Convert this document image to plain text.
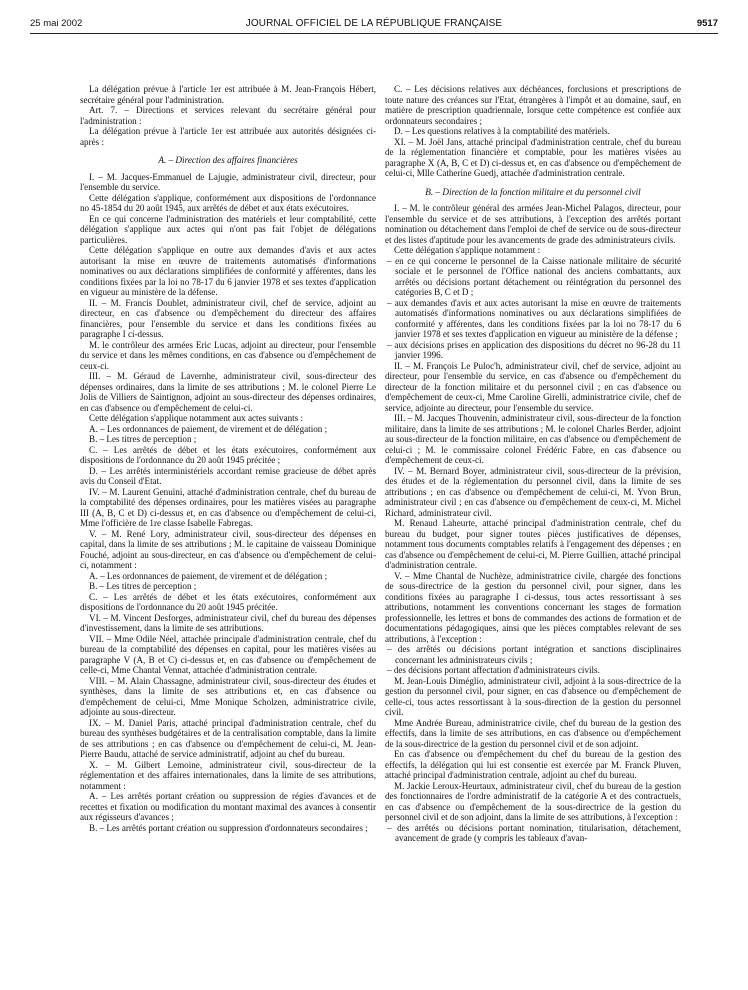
25 mai 2002	JOURNAL OFFICIEL DE LA RÉPUBLIQUE FRANÇAISE	9517

La délégation prévue à l'article 1er est attribuée à M. Jean-François Hébert, secrétaire général pour l'administration.

Art. 7. – Directions et services relevant du secrétaire général pour l'administration :

La délégation prévue à l'article 1er est attribuée aux autorités désignées ci-après :

A. – Direction des affaires financières

I. – M. Jacques-Emmanuel de Lajugie, administrateur civil, directeur, pour l'ensemble du service.

Cette délégation s'applique, conformément aux dispositions de l'ordonnance no 45-1854 du 20 août 1945, aux arrêtés de débet et aux états exécutoires.

En ce qui concerne l'administration des matériels et leur comptabilité, cette délégation s'applique aux actes qui n'ont pas fait l'objet de délégations particulières.

Cette délégation s'applique en outre aux demandes d'avis et aux actes autorisant la mise en œuvre de traitements automatisés d'informations nominatives ou aux déclarations simplifiées de conformité y afférentes, dans les conditions fixées par la loi no 78-17 du 6 janvier 1978 et ses textes d'application en vigueur au ministère de la défense.

II. – M. Francis Doublet, administrateur civil, chef de service, adjoint au directeur, en cas d'absence ou d'empêchement du directeur des affaires financières, pour l'ensemble du service et dans les conditions fixées au paragraphe I ci-dessus.

M. le contrôleur des armées Eric Lucas, adjoint au directeur, pour l'ensemble du service et dans les mêmes conditions, en cas d'absence ou d'empêchement de ceux-ci.

III. – M. Géraud de Lavernhe, administrateur civil, sous-directeur des dépenses ordinaires, dans la limite de ses attributions ; M. le colonel Pierre Le Jolis de Villiers de Saintignon, adjoint au sous-directeur des dépenses ordinaires, en cas d'absence ou d'empêchement de celui-ci.

Cette délégation s'applique notamment aux actes suivants :

A. – Les ordonnances de paiement, de virement et de délégation ;

B. – Les titres de perception ;

C. – Les arrêtés de débet et les états exécutoires, conformément aux dispositions de l'ordonnance du 20 août 1945 précitée ;

D. – Les arrêtés interministériels accordant remise gracieuse de débet après avis du Conseil d'Etat.

IV. – M. Laurent Genuini, attaché d'administration centrale, chef du bureau de la comptabilité des dépenses ordinaires, pour les matières visées au paragraphe III (A, B, C et D) ci-dessus et, en cas d'absence ou d'empêchement de celui-ci, Mme l'officière de 1re classe Isabelle Fabregas.

V. – M. René Lory, administrateur civil, sous-directeur des dépenses en capital, dans la limite de ses attributions ; M. le capitaine de vaisseau Dominique Fouché, adjoint au sous-directeur, en cas d'absence ou d'empêchement de celui-ci, notamment :

A. – Les ordonnances de paiement, de virement et de délégation ;

B. – Les titres de perception ;

C. – Les arrêtés de débet et les états exécutoires, conformément aux dispositions de l'ordonnance du 20 août 1945 précitée.

VI. – M. Vincent Desforges, administrateur civil, chef du bureau des dépenses d'investissement, dans la limite de ses attributions.

VII. – Mme Odile Néel, attachée principale d'administration centrale, chef du bureau de la comptabilité des dépenses en capital, pour les matières visées au paragraphe V (A, B et C) ci-dessus et, en cas d'absence ou d'empêchement de celle-ci, Mme Chantal Vennat, attachée d'administration centrale.

VIII. – M. Alain Chassagne, administrateur civil, sous-directeur des études et synthèses, dans la limite de ses attributions et, en cas d'absence ou d'empêchement de celui-ci, Mme Monique Scholzen, administratrice civile, adjointe au sous-directeur.

IX. – M. Daniel Paris, attaché principal d'administration centrale, chef du bureau des synthèses budgétaires et de la centralisation comptable, dans la limite de ses attributions ; en cas d'absence ou d'empêchement de celui-ci, M. Jean-Pierre Baudu, attaché de service administratif, adjoint au chef du bureau.

X. – M. Gilbert Lemoine, administrateur civil, sous-directeur de la réglementation et des affaires internationales, dans la limite de ses attributions, notamment :

A. – Les arrêtés portant création ou suppression de régies d'avances et de recettes et fixation ou modification du montant maximal des avances à consentir aux régisseurs d'avances ;

B. – Les arrêtés portant création ou suppression d'ordonnateurs secondaires ;

C. – Les décisions relatives aux déchéances, forclusions et prescriptions de toute nature des créances sur l'Etat, étrangères à l'impôt et au domaine, sauf, en matière de prescription quadriennale, lorsque cette compétence est confiée aux ordonnateurs secondaires ;

D. – Les questions relatives à la comptabilité des matériels.

XI. – M. Joël Jans, attaché principal d'administration centrale, chef du bureau de la réglementation financière et comptable, pour les matières visées au paragraphe X (A, B, C et D) ci-dessus et, en cas d'absence ou d'empêchement de celui-ci, Mlle Catherine Guedj, attachée d'administration centrale.

B. – Direction de la fonction militaire et du personnel civil

I. – M. le contrôleur général des armées Jean-Michel Palagos, directeur, pour l'ensemble du service et de ses attributions, à l'exception des arrêtés portant nomination ou détachement dans l'emploi de chef de service ou de sous-directeur et des listes d'aptitude pour les avancements de grade des administrateurs civils.

Cette délégation s'applique notamment :

– en ce qui concerne le personnel de la Caisse nationale militaire de sécurité sociale et le personnel de l'Office national des anciens combattants, aux arrêtés ou décisions portant détachement ou réintégration du personnel des catégories B, C et D ;
– aux demandes d'avis et aux actes autorisant la mise en œuvre de traitements automatisés d'informations nominatives ou aux déclarations simplifiées de conformité y afférentes, dans les conditions fixées par la loi no 78-17 du 6 janvier 1978 et ses textes d'application en vigueur au ministère de la défense ;
– aux décisions prises en application des dispositions du décret no 96-28 du 11 janvier 1996.

II. – M. François Le Puloc'h, administrateur civil, chef de service, adjoint au directeur, pour l'ensemble du service, en cas d'absence ou d'empêchement du directeur de la fonction militaire et du personnel civil ; en cas d'absence ou d'empêchement de ceux-ci, Mme Caroline Girelli, administratrice civile, chef de service, adjointe au directeur, pour l'ensemble du service.

III. – M. Jacques Thouvenin, administrateur civil, sous-directeur de la fonction militaire, dans la limite de ses attributions ; M. le colonel Charles Berder, adjoint au sous-directeur de la fonction militaire, en cas d'absence ou d'empêchement de celui-ci ; M. le commissaire colonel Frédéric Fabre, en cas d'absence ou d'empêchement de ceux-ci.

IV. – M. Bernard Boyer, administrateur civil, sous-directeur de la prévision, des études et de la réglementation du personnel civil, dans la limite de ses attributions ; en cas d'absence ou d'empêchement de celui-ci, M. Yvon Brun, administrateur civil ; en cas d'absence ou d'empêchement de ceux-ci, M. Michel Richard, administrateur civil.

M. Renaud Laheurte, attaché principal d'administration centrale, chef du bureau du budget, pour signer toutes pièces justificatives de dépenses, notamment tous documents comptables relatifs à l'engagement des dépenses ; en cas d'absence ou d'empêchement de celui-ci, M. Pierre Guillien, attaché principal d'administration centrale.

V. – Mme Chantal de Nuchèze, administratrice civile, chargée des fonctions de sous-directrice de la gestion du personnel civil, pour signer, dans les conditions fixées au paragraphe I ci-dessus, tous actes ressortissant à ses attributions, notamment les conventions concernant les stages de formation professionnelle, les lettres et bons de commandes des actions de formation et de documentations pédagogiques, ainsi que les pièces comptables relevant de ses attributions, à l'exception :

– des arrêtés ou décisions portant intégration et sanctions disciplinaires concernant les administrateurs civils ;
– des décisions portant affectation d'administrateurs civils.

M. Jean-Louis Diméglio, administrateur civil, adjoint à la sous-directrice de la gestion du personnel civil, pour signer, en cas d'absence ou d'empêchement de celle-ci, tous actes ressortissant à la sous-direction de la gestion du personnel civil.

Mme Andrée Bureau, administratrice civile, chef du bureau de la gestion des effectifs, dans la limite de ses attributions, en cas d'absence ou d'empêchement de la sous-directrice de la gestion du personnel civil et de son adjoint.

En cas d'absence ou d'empêchement du chef du bureau de la gestion des effectifs, la délégation qui lui est consentie est exercée par M. Franck Pluven, attaché principal d'administration centrale, adjoint au chef du bureau.

M. Jackie Leroux-Heurtaux, administrateur civil, chef du bureau de la gestion des fonctionnaires de l'ordre administratif de la catégorie A et des contractuels, en cas d'absence ou d'empêchement de la sous-directrice de la gestion du personnel civil et de son adjoint, dans la limite de ses attributions, à l'exception :

– des arrêtés ou décisions portant nomination, titularisation, détachement, avancement de grade (y compris les tableaux d'avan-
